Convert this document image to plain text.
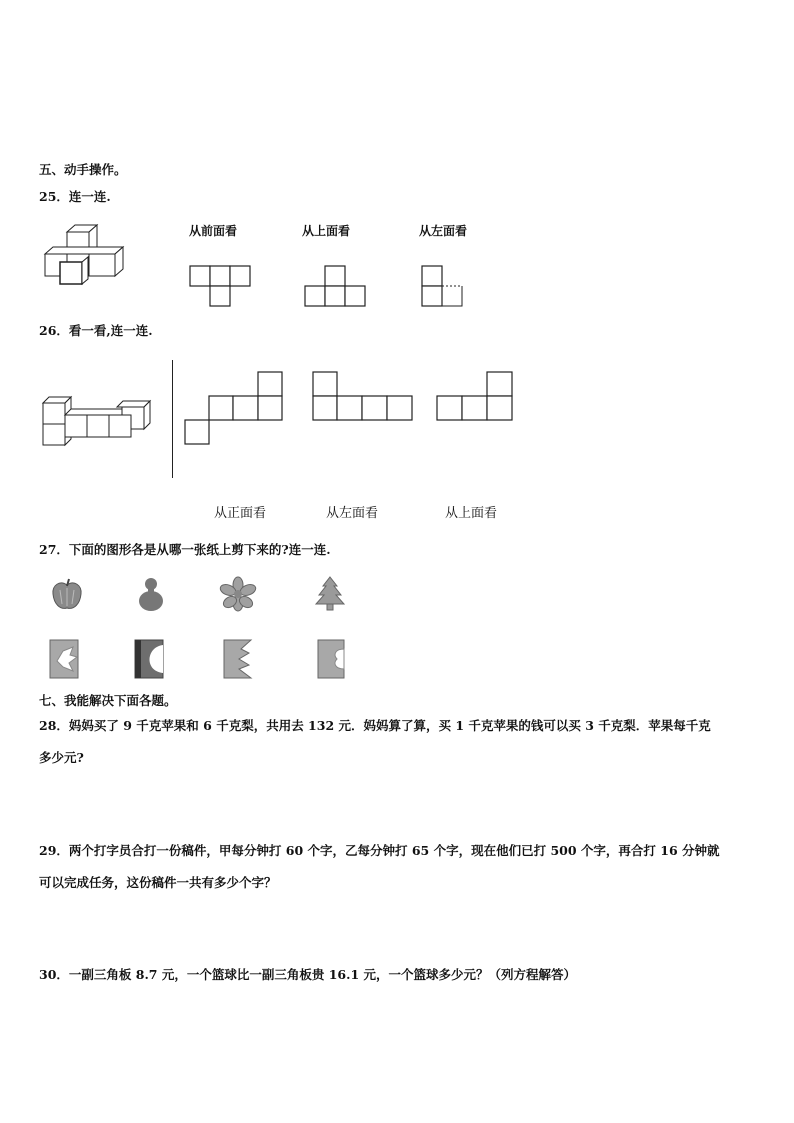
五、动手操作。
25．连一连.
从前面看	从上面看	从左面看
26．看一看,连一连.
从正面看	从左面看	从上面看
27．下面的图形各是从哪一张纸上剪下来的?连一连.
七、我能解决下面各题。
28．妈妈买了 9 千克苹果和 6 千克梨，共用去 132 元．妈妈算了算，买 1 千克苹果的钱可以买 3 千克梨．苹果每千克
多少元?
29．两个打字员合打一份稿件，甲每分钟打 60 个字，乙每分钟打 65 个字，现在他们已打 500 个字，再合打 16 分钟就
可以完成任务，这份稿件一共有多少个字？
30．一副三角板 8.7 元，一个篮球比一副三角板贵 16.1 元，一个篮球多少元？（列方程解答）
